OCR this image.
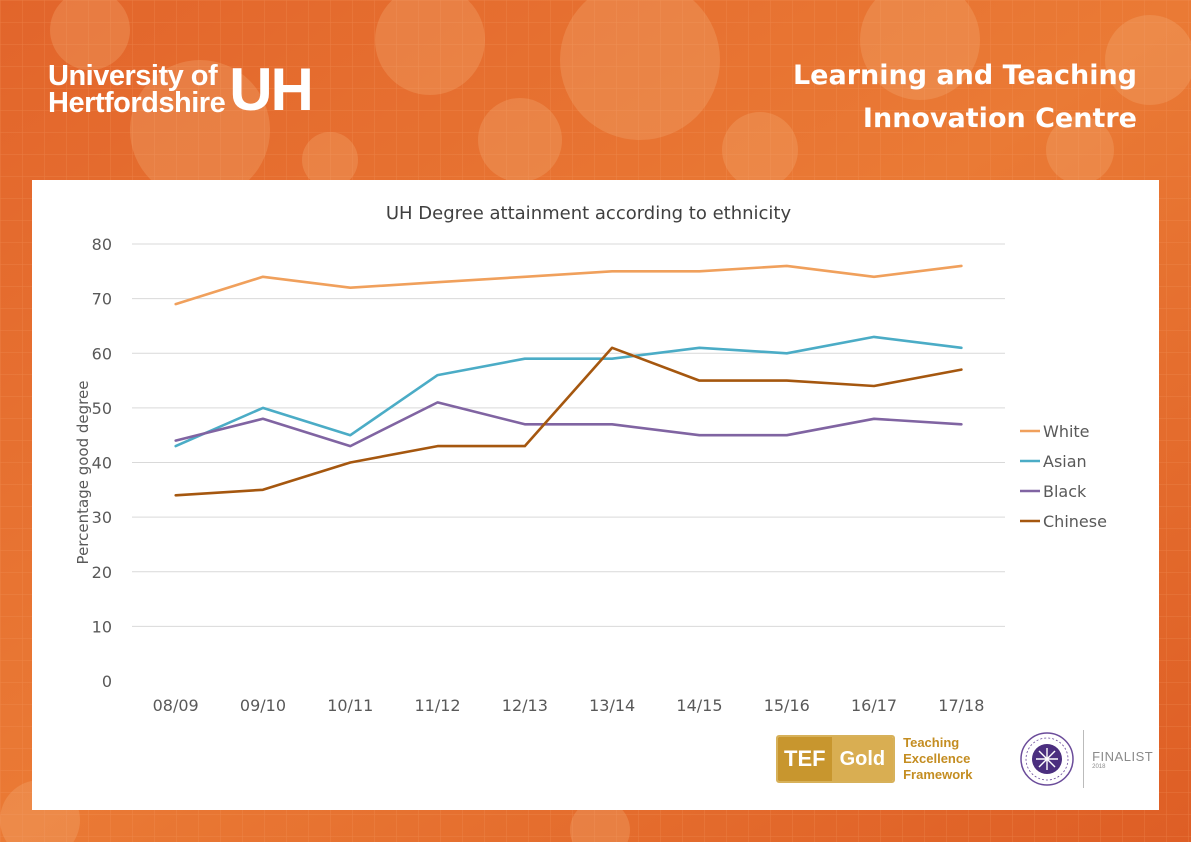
University of
Hertfordshire UH	Learning and Teaching
Innovation Centre
UH Degree attainment according to ethnicity
0
10
20
30
40
50
60
70
80
Percentage good degree
08/09	09/10	10/11	11/12	12/13	13/14	14/15	15/16	16/17	17/18
White
Asian
Black
Chinese
TEF Gold
Teaching
Excellence
Framework
FINALIST
2018
